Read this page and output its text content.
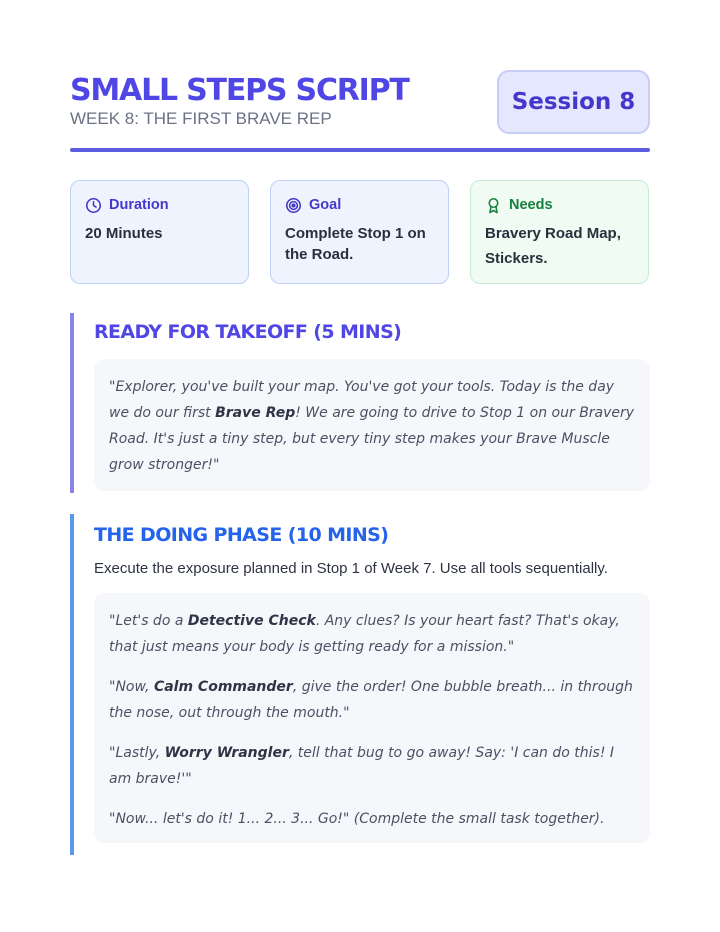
SMALL STEPS SCRIPT
WEEK 8: THE FIRST BRAVE REP
Session 8
Duration
20 Minutes
Goal
Complete Stop 1 on the Road.
Needs
Bravery Road Map, Stickers.
READY FOR TAKEOFF (5 MINS)

"Explorer, you've built your map. You've got your tools. Today is the day we do our first Brave Rep! We are going to drive to Stop 1 on our Bravery Road. It's just a tiny step, but every tiny step makes your Brave Muscle grow stronger!"

THE DOING PHASE (10 MINS)
Execute the exposure planned in Stop 1 of Week 7. Use all tools sequentially.

"Let's do a Detective Check. Any clues? Is your heart fast? That's okay, that just means your body is getting ready for a mission."

"Now, Calm Commander, give the order! One bubble breath... in through the nose, out through the mouth."

"Lastly, Worry Wrangler, tell that bug to go away! Say: 'I can do this! I am brave!'"

"Now... let's do it! 1... 2... 3... Go!" (Complete the small task together).
